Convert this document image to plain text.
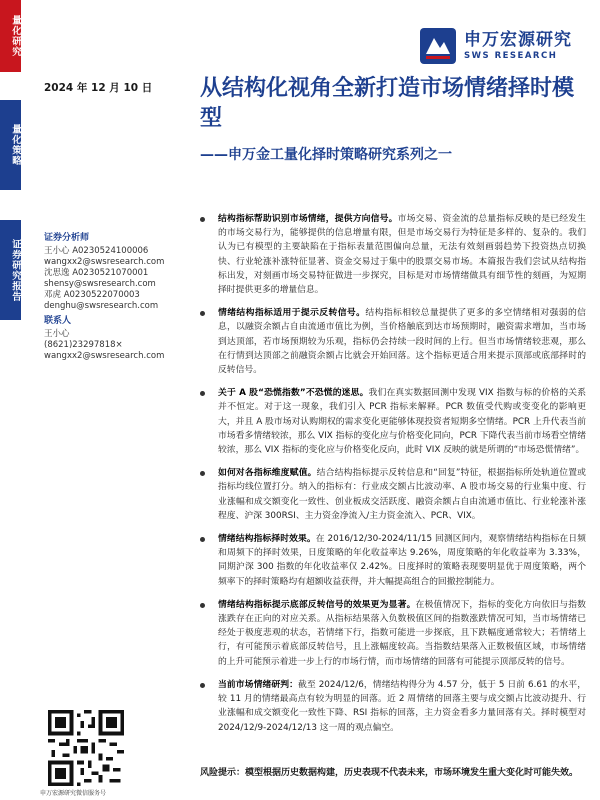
量化研究
量化策略
证券研究报告
申万宏源研究
SWS RESEARCH
2024 年 12 月 10 日 从结构化视角全新打造市场情绪择时模型
——申万金工量化择时策略研究系列之一
证券分析师
王小心 A0230524100006
wangxx2@swsresearch.com
沈思逸 A0230521070001
shensy@swsresearch.com
邓虎 A0230522070003
denghu@swsresearch.com
联系人
王小心
(8621)23297818×
wangxx2@swsresearch.com
申万宏源研究微信服务号
结构指标帮助识别市场情绪，提供方向信号。市场交易、资金流的总量指标反映的是已经发生的市场交易行为，能够提供的信息增量有限，但是市场交易行为特征是多样的、复杂的。我们认为已有模型的主要缺陷在于指标表量范围偏向总量，无法有效刻画弱趋势下投资热点切换快、行业轮涨补涨特征显著、资金交易过于集中的股票交易市场。本篇报告我们尝试从结构指标出发，对刻画市场交易特征做进一步探究，目标是对市场情绪做具有细节性的刻画，为短期择时提供更多的增量信息。
情绪结构指标适用于提示反转信号。结构指标相较总量提供了更多的多空情绪相对强弱的信息，以融资余额占自由流通市值比为例，当价格触底到达市场预期时，融资需求增加，当市场到达顶部，若市场预期较为乐观，指标仍会持续一段时间的上行。但当市场情绪较悲观，那么在行情到达顶部之前融资余额占比就会开始回落。这个指标更适合用来提示顶部或底部择时的反转信号。
关于 A 股“恐慌指数”不恐慌的迷思。我们在真实数据回测中发现 VIX 指数与标的价格的关系并不恒定。对于这一现象，我们引入 PCR 指标来解释。PCR 数值受代购或变变化的影响更大，并且 A 股市场对认购期权的需求变化更能够体现投资者短期多空情绪。PCR 上升代表当前市场看多情绪较浓，那么 VIX 指标的变化应与价格变化同向，PCR 下降代表当前市场看空情绪较浓，那么 VIX 指标的变化应与价格变化反向，此时 VIX 反映的就是所谓的“市场恐慌情绪”。
如何对各指标维度赋值。结合结构指标提示反转信息和“回复”特征，根据指标所处轨道位置或指标均线位置打分。纳入的指标有：行业成交额占比波动率、A 股市场交易的行业集中度、行业涨幅和成交额变化一致性、创业板成交活跃度、融资余额占自由流通市值比、行业轮涨补涨程度、沪深 300RSI、主力资金净流入/主力资金流入、PCR、VIX。
情绪结构指标择时效果。在 2016/12/30-2024/11/15 回测区间内，观察情绪结构指标在日频和周频下的择时效果，日度策略的年化收益率达 9.26%，周度策略的年化收益率为 3.33%，同期沪深 300 指数的年化收益率仅 2.42%。日度择时的策略表现要明显优于周度策略，两个频率下的择时策略均有超额收益获得，并大幅提高组合的回撤控制能力。
情绪结构指标提示底部反转信号的效果更为显著。在极值情况下，指标的变化方向依旧与指数涨跌存在正向的对应关系。从指标结果落入负数极值区间的指数涨跌情况可知，当市场情绪已经处于极度悲观的状态，若情绪下行，指数可能进一步探底，且下跌幅度通常较大；若情绪上行，有可能预示着底部反转信号，且上涨幅度较高。当指数结果落入正数极值区域，市场情绪的上升可能预示着进一步上行的市场行情，而市场情绪的回落有可能提示顶部反转的信号。
当前市场情绪研判：截至 2024/12/6，情绪结构得分为 4.57 分，低于 5 日前 6.61 的水平，较 11 月的情绪最高点有较为明显的回落。近 2 周情绪的回落主要与成交额占比波动提升、行业涨幅和成交额变化一致性下降、RSI 指标的回落，主力资金看多力量回落有关。择时模型对 2024/12/9-2024/12/13 这一周的观点偏空。
风险提示：模型根据历史数据构建，历史表现不代表未来，市场环境发生重大变化时可能失效。
